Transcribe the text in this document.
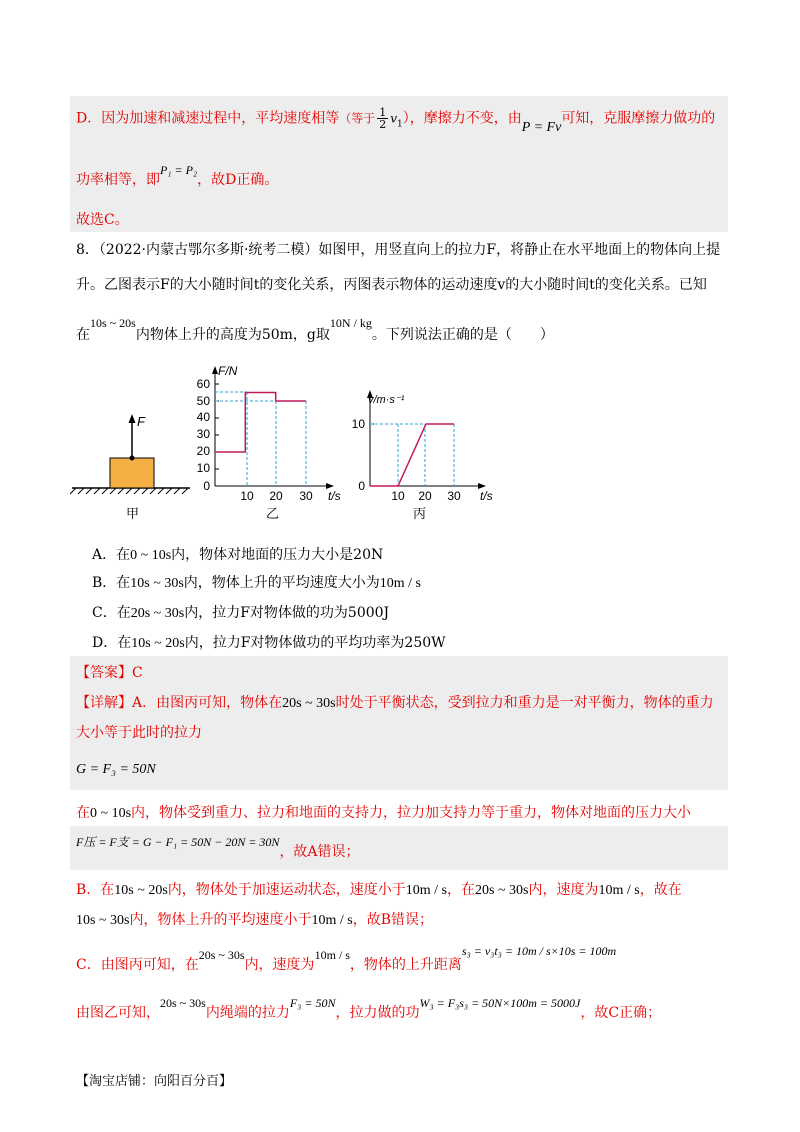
D．因为加速和减速过程中，平均速度相等（等于 $\frac{1}{2} v_1$），摩擦力不变，由P = Fv可知，克服摩擦力做功的
功率相等，即P₁ = P₂，故D正确。
故选C。
8．（2022·内蒙古鄂尔多斯·统考二模）如图甲，用竖直向上的拉力F，将静止在水平地面上的物体向上提
升。乙图表示F的大小随时间t的变化关系，丙图表示物体的运动速度v的大小随时间t的变化关系。已知
在10s ~ 20s内物体上升的高度为50m，g取10N / kg。下列说法正确的是（　　）
F
甲
F/N
t/s
60
50
40
30
20
10
0
10 20 30
乙
v/m·s⁻¹
t/s
10
0
10 20 30
丙
A．在0 ~ 10s内，物体对地面的压力大小是20N
B．在10s ~ 30s内，物体上升的平均速度大小为10m / s
C．在20s ~ 30s内，拉力F对物体做的功为5000J
D．在10s ~ 20s内，拉力F对物体做功的平均功率为250W
【答案】C
【详解】A．由图丙可知，物体在20s ~ 30s时处于平衡状态，受到拉力和重力是一对平衡力，物体的重力
大小等于此时的拉力
G = F₃ = 50N
在0 ~ 10s内，物体受到重力、拉力和地面的支持力，拉力加支持力等于重力，物体对地面的压力大小
F压 = F支 = G − F₁ = 50N − 20N = 30N，故A错误；
B．在10s ~ 20s内，物体处于加速运动状态，速度小于10m / s，在20s ~ 30s内，速度为10m / s，故在
10s ~ 30s内，物体上升的平均速度小于10m / s，故B错误；
C．由图丙可知，在20s ~ 30s内，速度为10m / s，物体的上升距离s₃ = v₃t₃ = 10m / s×10s = 100m
由图乙可知，20s ~ 30s内绳端的拉力F₃ = 50N，拉力做的功W₃ = F₃s₃ = 50N×100m = 5000J，故C正确；
【淘宝店铺：向阳百分百】
